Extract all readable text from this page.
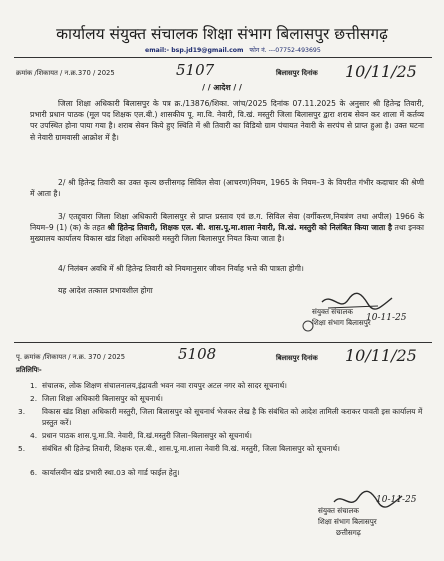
कार्यालय संयुक्त संचालक शिक्षा संभाग बिलासपुर छत्तीसगढ़
email:- bsp.jd19@gmail.com फोन नं. ---07752-493695
क्रमांक /शिकायत / न.क्र.370 / 2025	5107	बिलासपुर दिनांक 10/11/25
/ / आदेश / /
जिला शिक्षा अधिकारी बिलासपुर के पत्र क्र./13876/शिका. जांच/2025 दिनांक 07.11.2025 के अनुसार श्री हितेन्द्र तिवारी, प्रभारी प्रधान पाठक (मूल पद शिक्षक एल.बी.) शासकीय पू. मा.वि. नेवारी, वि.खं. मस्तुरी जिला बिलासपुर द्वारा शराब सेवन कर शाला में कर्तव्य पर उपस्थित होना पाया गया है। शराब सेवन किये हुए स्थिति में श्री तिवारी का विडियो ग्राम पंचायत नेवारी के सरपंच से प्राप्त हुआ है। उक्त घटना से नेवारी ग्रामवासी आक्रोश में है।
2/ श्री हितेन्द्र तिवारी का उक्त कृत्य छत्तीसगढ़ सिविल सेवा (आचरण)नियम, 1965 के नियम–3 के विपरीत गंभीर कदाचार की श्रेणी में आता है।
3/ एतद्द्वारा जिला शिक्षा अधिकारी बिलासपुर से प्राप्त प्रस्ताव एवं छ.ग. सिविल सेवा (वर्गीकरण,नियत्रंण तथा अपील) 1966 के नियम–9 (1) (क) के तहत श्री हितेन्द्र तिवारी, शिक्षक एल. बी. शास.पू.मा.शाला नेवारी, वि.खं. मस्तुरी को निलंबित किया जाता है तथा इनका मुख्यालय कार्यालय विकास खंड शिक्षा अधिकारी मस्तुरी जिला बिलासपुर नियत किया जाता है।
4/ निलंबन अवधि में श्री हितेन्द्र तिवारी को नियमानुसार जीवन निर्वाह भत्ते की पात्रता होगी।
यह आदेश तत्काल प्रभावशील होगा
10-11-25
संयुक्त संचालक
शिक्षा संभाग बिलासपुर
पृ. क्रमांक /शिकायत / न.क्र. 370 / 2025	5108	बिलासपुर दिनांक 10/11/25
प्रतिलिपिः-
1. संचालक, लोक शिक्षण संचालनालय,इंद्रावती भवन नवा रायपुर अटल नगर को सादर सूचनार्थ।
2. जिला शिक्षा अधिकारी बिलासपुर को सूचनार्थ।
3. विकास खंड शिक्षा अधिकारी मस्तुरी, जिला बिलासपुर को सूचनार्थ भेजकर लेख है कि संबंधित को आदेश तामिली कराकर पावती इस कार्यालय में प्रस्तुत करें।
4. प्रधान पाठक शास.पू.मा.वि. नेवारी, वि.खं.मस्तुरी जिला–बिलासपुर को सूचनार्थ।
5. संबंधित श्री हितेन्द्र तिवारी, शिक्षक एल.बी., शास.पू.मा.शाला नेवारी वि.खं. मस्तुरी, जिला बिलासपुर को सूचनार्थ।
6. कार्यालयीन खंड प्रभारी स्था.03 को गार्ड फाईल हेतु।
10-11-25
संयुक्त संचालक
शिक्षा संभाग बिलासपुर
छत्तीसगढ़
